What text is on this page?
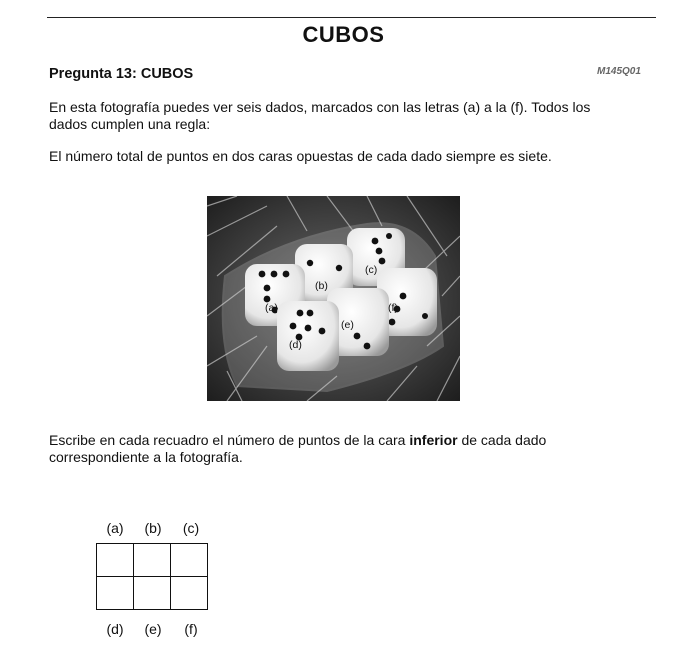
CUBOS
Pregunta 13: CUBOS	M145Q01

En esta fotografía puedes ver seis dados, marcados con las letras (a) a la (f). Todos los dados cumplen una regla:

El número total de puntos en dos caras opuestas de cada dado siempre es siete.

(a)
(b)
(c)
(d)
(e)
(f)

Escribe en cada recuadro el número de puntos de la cara inferior de cada dado correspondiente a la fotografía.

(a)	(b)	(c)

(d)	(e)	(f)
